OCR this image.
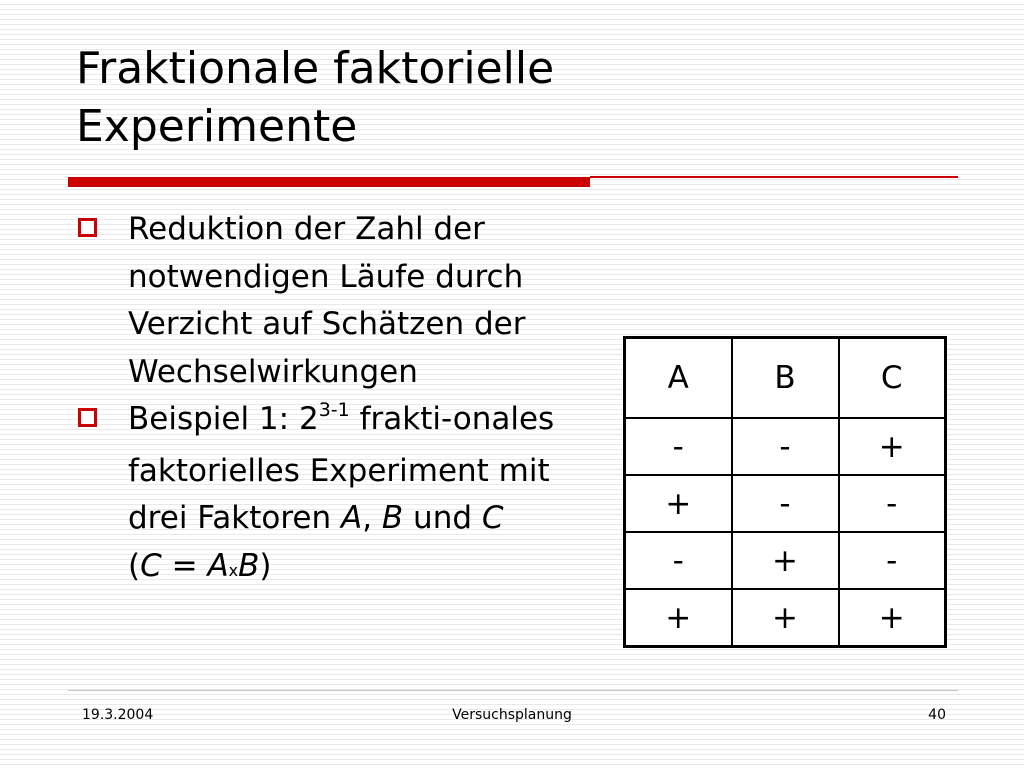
Fraktionale faktorielle
Experimente
Reduktion der Zahl der notwendigen Läufe durch Verzicht auf Schätzen der Wechselwirkungen
Beispiel 1: 2$^{3-1}$ frakti-onales faktorielles Experiment mit drei Faktoren A, B und C
(C = AxB)
A	B	C
-	-	+
+	-	-
-	+	-
+	+	+
19.3.2004	Versuchsplanung	40
